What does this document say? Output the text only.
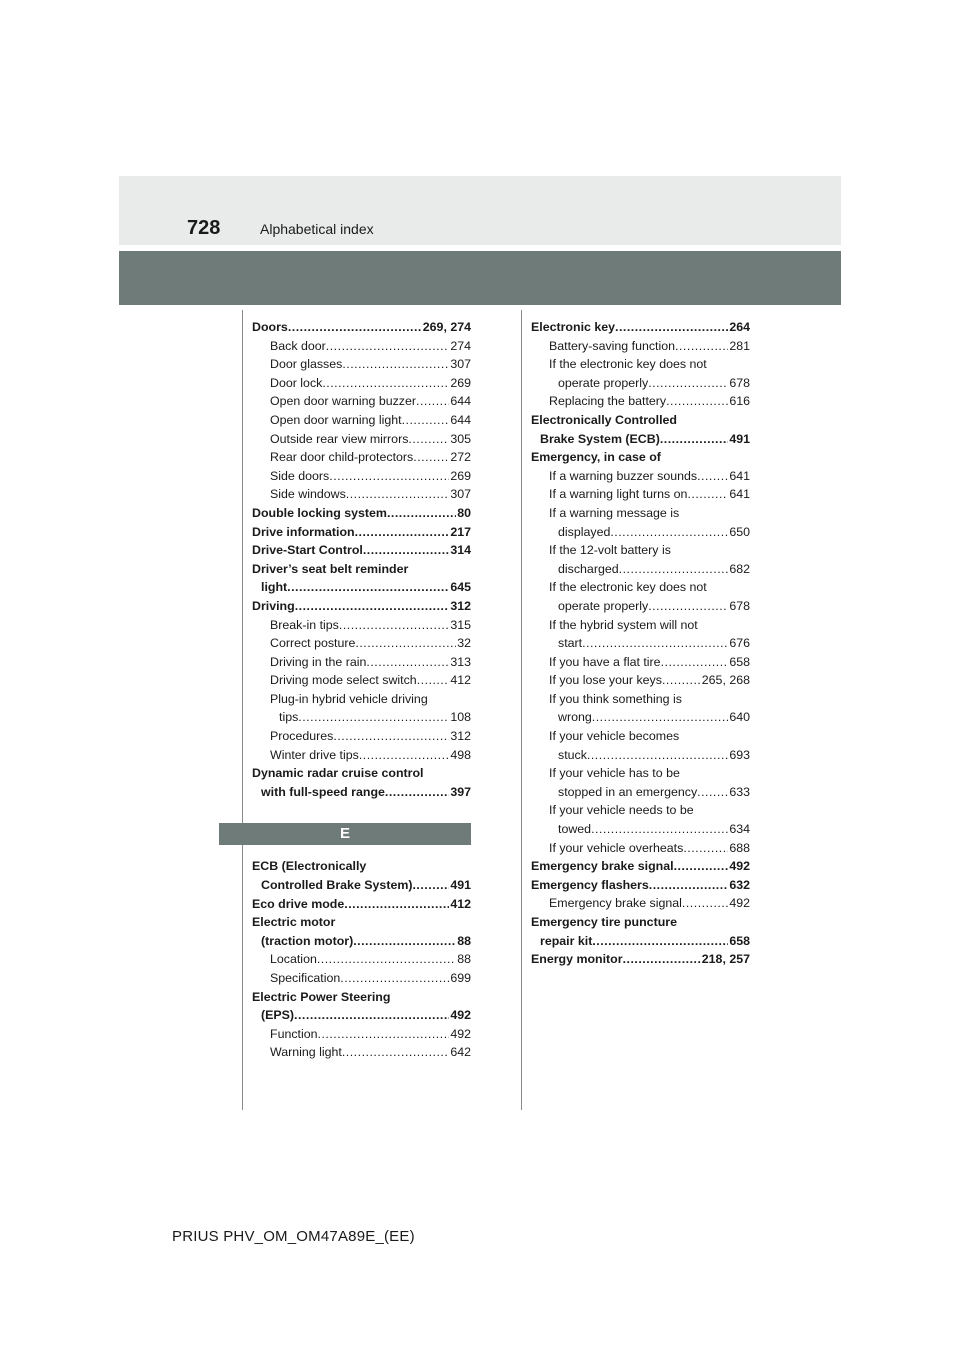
728	Alphabetical index
Doors .....	269, 274
Back door .....	274
Door glasses .....	307
Door lock .....	269
Open door warning buzzer .....	644
Open door warning light .....	644
Outside rear view mirrors .....	305
Rear door child-protectors .....	272
Side doors .....	269
Side windows .....	307
Double locking system .....	80
Drive information .....	217
Drive-Start Control .....	314
Driver’s seat belt reminder
light .....	645
Driving .....	312
Break-in tips .....	315
Correct posture .....	32
Driving in the rain .....	313
Driving mode select switch .....	412
Plug-in hybrid vehicle driving
tips .....	108
Procedures .....	312
Winter drive tips .....	498
Dynamic radar cruise control
with full-speed range .....	397
E
ECB (Electronically
Controlled Brake System) .....	491
Eco drive mode .....	412
Electric motor
(traction motor) .....	88
Location .....	88
Specification .....	699
Electric Power Steering
(EPS) .....	492
Function .....	492
Warning light .....	642
Electronic key .....	264
Battery-saving function .....	281
If the electronic key does not
operate properly .....	678
Replacing the battery .....	616
Electronically Controlled
Brake System (ECB) .....	491
Emergency, in case of
If a warning buzzer sounds .....	641
If a warning light turns on .....	641
If a warning message is
displayed .....	650
If the 12-volt battery is
discharged .....	682
If the electronic key does not
operate properly .....	678
If the hybrid system will not
start .....	676
If you have a flat tire .....	658
If you lose your keys .....	265, 268
If you think something is
wrong .....	640
If your vehicle becomes
stuck .....	693
If your vehicle has to be
stopped in an emergency .....	633
If your vehicle needs to be
towed .....	634
If your vehicle overheats .....	688
Emergency brake signal .....	492
Emergency flashers .....	632
Emergency brake signal .....	492
Emergency tire puncture
repair kit .....	658
Energy monitor .....	218, 257
PRIUS PHV_OM_OM47A89E_(EE)
